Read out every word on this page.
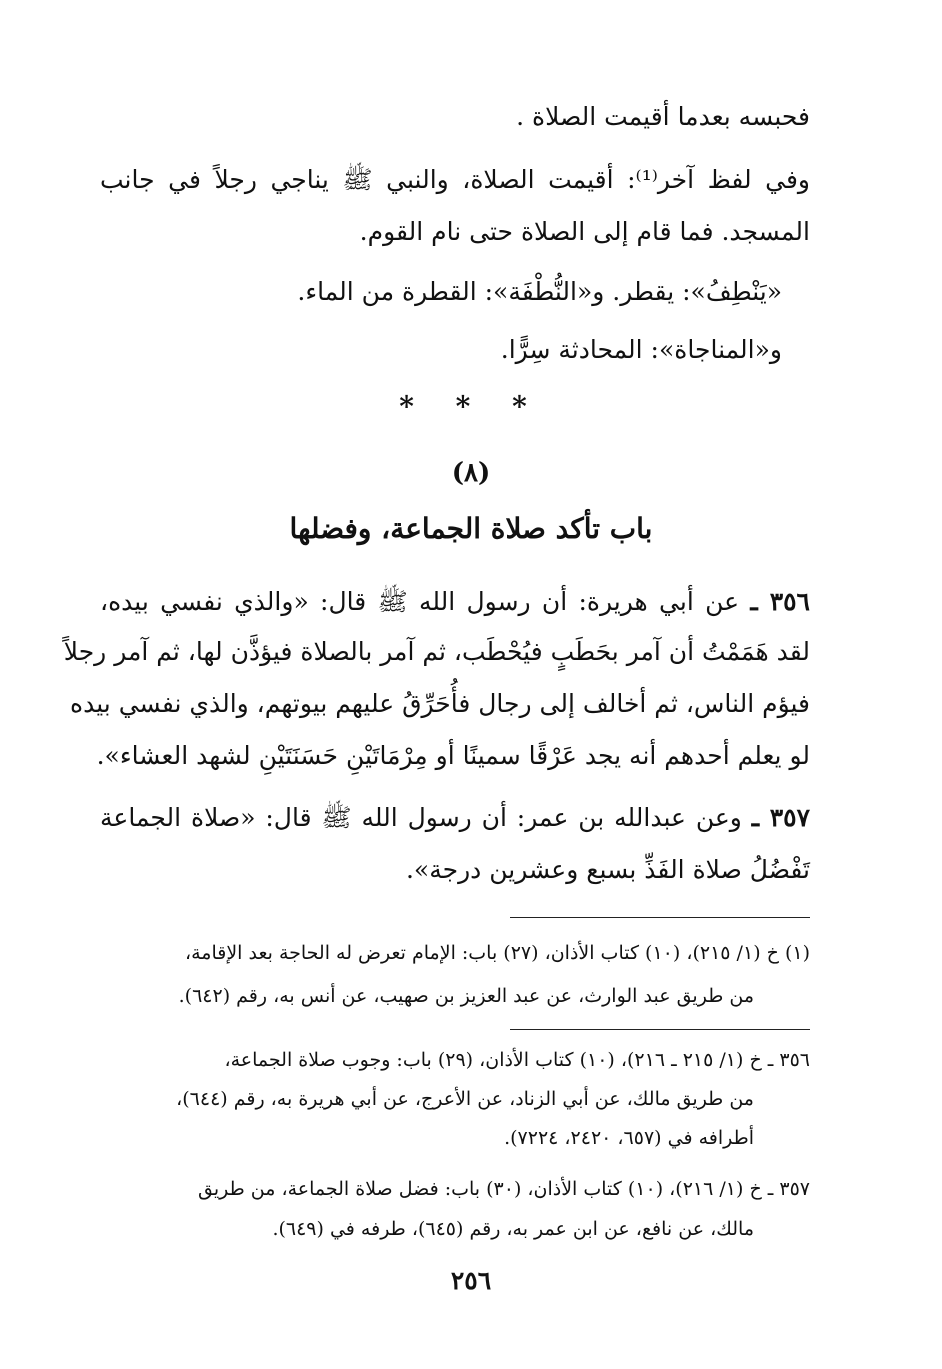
فحبسه بعدما أقيمت الصلاة .
وفي لفظ آخر⁽¹⁾: أقيمت الصلاة، والنبي ﷺ يناجي رجلاً في جانب
المسجد. فما قام إلى الصلاة حتى نام القوم.
«يَنْطِفُ»: يقطر. و«النُّطْفَة»: القطرة من الماء.
و«المناجاة»: المحادثة سِرًّا.
* * *
(٨)
باب تأكد صلاة الجماعة، وفضلها
٣٥٦ ـ عن أبي هريرة: أن رسول الله ﷺ قال: «والذي نفسي بيده،
لقد هَمَمْتُ أن آمر بحَطَبٍ فيُحْطَب، ثم آمر بالصلاة فيؤذَّن لها، ثم آمر رجلاً
فيؤم الناس، ثم أخالف إلى رجال فأُحَرِّقُ عليهم بيوتهم، والذي نفسي بيده
لو يعلم أحدهم أنه يجد عَرْقًا سمينًا أو مِرْمَاتَيْنِ حَسَنَتَيْنِ لشهد العشاء».
٣٥٧ ـ وعن عبدالله بن عمر: أن رسول الله ﷺ قال: «صلاة الجماعة
تَفْضُلُ صلاة الفَذِّ بسبع وعشرين درجة».
(١) خ (١/ ٢١٥)، (١٠) كتاب الأذان، (٢٧) باب: الإمام تعرض له الحاجة بعد الإقامة،
من طريق عبد الوارث، عن عبد العزيز بن صهيب، عن أنس به، رقم (٦٤٢).
٣٥٦ ـ خ (١/ ٢١٥ ـ ٢١٦)، (١٠) كتاب الأذان، (٢٩) باب: وجوب صلاة الجماعة،
من طريق مالك، عن أبي الزناد، عن الأعرج، عن أبي هريرة به، رقم (٦٤٤)،
أطرافه في (٦٥٧، ٢٤٢٠، ٧٢٢٤).
٣٥٧ ـ خ (١/ ٢١٦)، (١٠) كتاب الأذان، (٣٠) باب: فضل صلاة الجماعة، من طريق
مالك، عن نافع، عن ابن عمر به، رقم (٦٤٥)، طرفه في (٦٤٩).
٢٥٦
